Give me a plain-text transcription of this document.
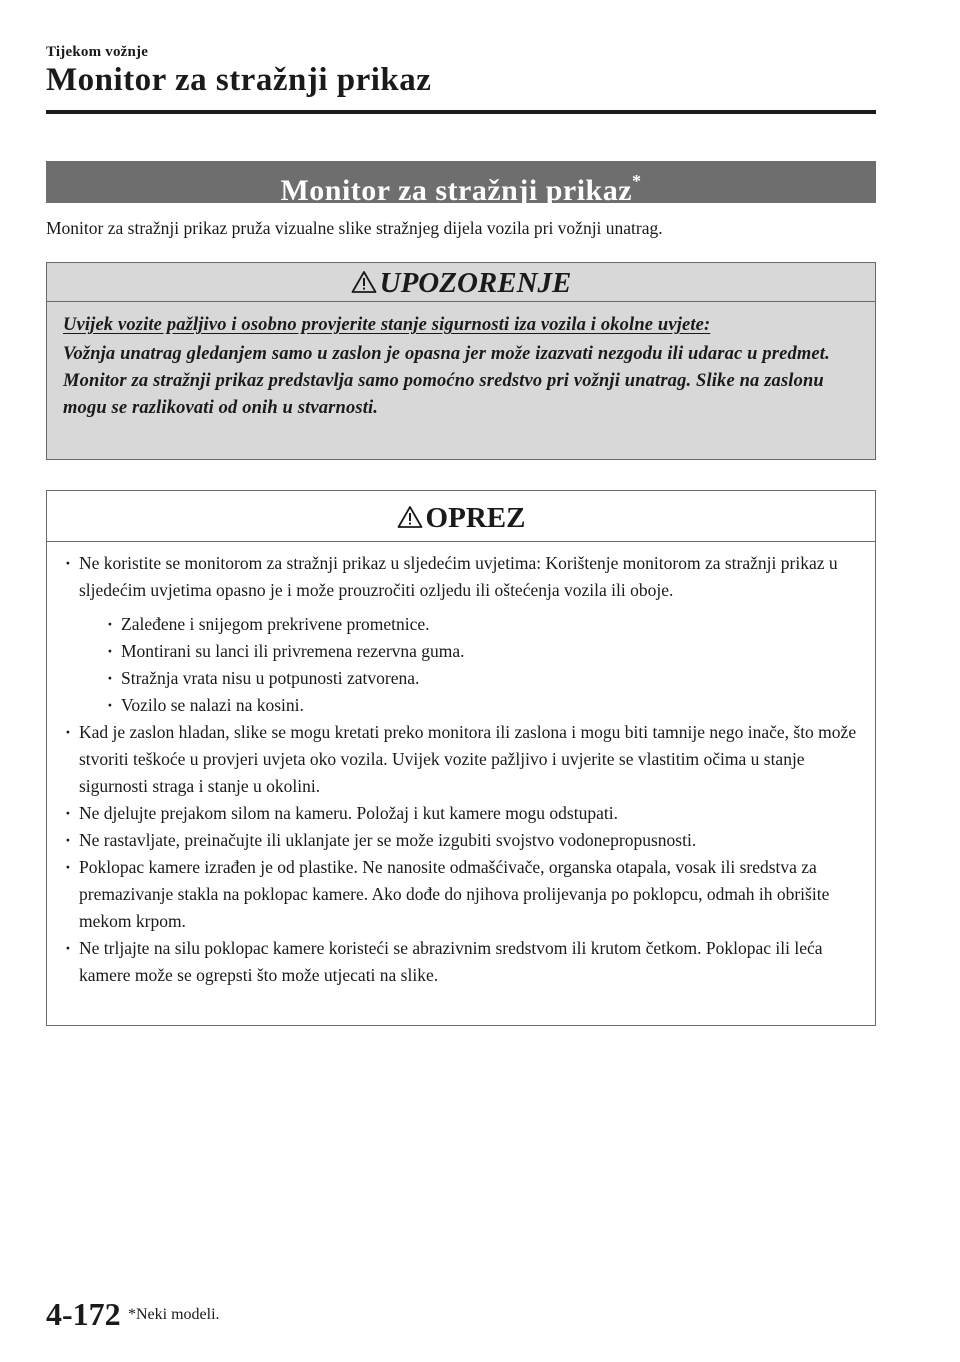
Tijekom vožnje
Monitor za stražnji prikaz
Monitor za stražnji prikaz*
Monitor za stražnji prikaz pruža vizualne slike stražnjeg dijela vozila pri vožnji unatrag.
UPOZORENJE
Uvijek vozite pažljivo i osobno provjerite stanje sigurnosti iza vozila i okolne uvjete:
Vožnja unatrag gledanjem samo u zaslon je opasna jer može izazvati nezgodu ili udarac u predmet. Monitor za stražnji prikaz predstavlja samo pomoćno sredstvo pri vožnji unatrag. Slike na zaslonu mogu se razlikovati od onih u stvarnosti.
OPREZ
· Ne koristite se monitorom za stražnji prikaz u sljedećim uvjetima: Korištenje monitorom za stražnji prikaz u sljedećim uvjetima opasno je i može prouzročiti ozljedu ili oštećenja vozila ili oboje.
· Zaleđene i snijegom prekrivene prometnice.
· Montirani su lanci ili privremena rezervna guma.
· Stražnja vrata nisu u potpunosti zatvorena.
· Vozilo se nalazi na kosini.
· Kad je zaslon hladan, slike se mogu kretati preko monitora ili zaslona i mogu biti tamnije nego inače, što može stvoriti teškoće u provjeri uvjeta oko vozila. Uvijek vozite pažljivo i uvjerite se vlastitim očima u stanje sigurnosti straga i stanje u okolini.
· Ne djelujte prejakom silom na kameru. Položaj i kut kamere mogu odstupati.
· Ne rastavljate, preinačujte ili uklanjate jer se može izgubiti svojstvo vodonepropusnosti.
· Poklopac kamere izrađen je od plastike. Ne nanosite odmašćivače, organska otapala, vosak ili sredstva za premazivanje stakla na poklopac kamere. Ako dođe do njihova prolijevanja po poklopcu, odmah ih obrišite mekom krpom.
· Ne trljajte na silu poklopac kamere koristeći se abrazivnim sredstvom ili krutom četkom. Poklopac ili leća kamere može se ogrepsti što može utjecati na slike.
4-172 *Neki modeli.
